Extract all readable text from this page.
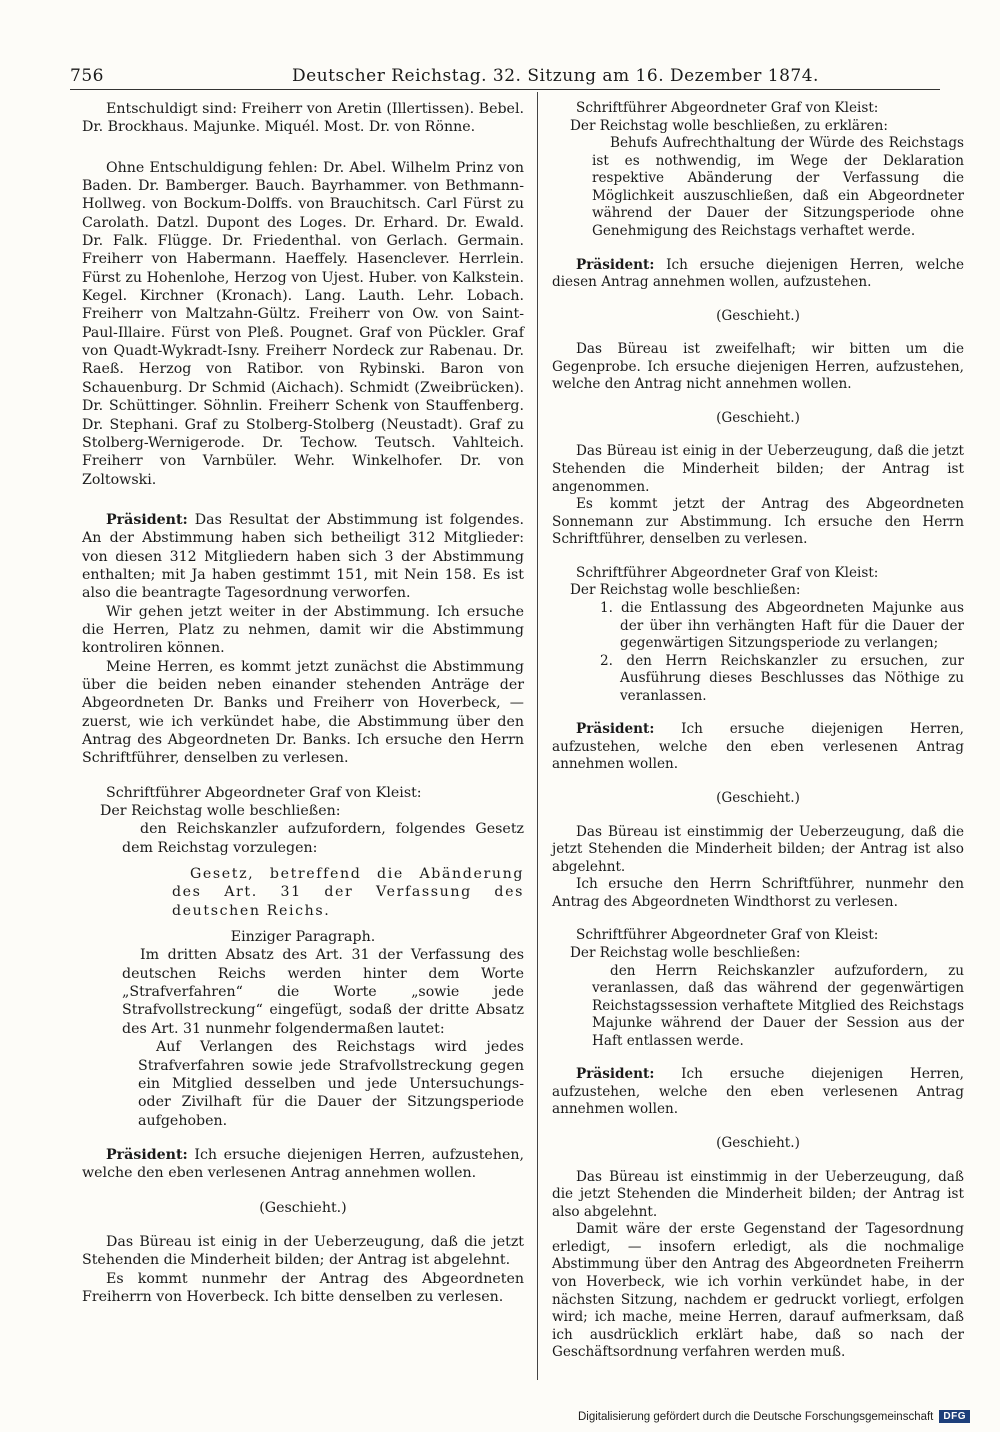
756	Deutscher Reichstag. 32. Sitzung am 16. Dezember 1874.

Entschuldigt sind: Freiherr von Aretin (Illertissen). Bebel. Dr. Brockhaus. Majunke. Miquél. Most. Dr. von Rönne.

Ohne Entschuldigung fehlen: Dr. Abel. Wilhelm Prinz von Baden. Dr. Bamberger. Bauch. Bayrhammer. von Bethmann-Hollweg. von Bockum-Dolffs. von Brauchitsch. Carl Fürst zu Carolath. Datzl. Dupont des Loges. Dr. Erhard. Dr. Ewald. Dr. Falk. Flügge. Dr. Friedenthal. von Gerlach. Germain. Freiherr von Habermann. Haeffely. Hasenclever. Herrlein. Fürst zu Hohenlohe, Herzog von Ujest. Huber. von Kalkstein. Kegel. Kirchner (Kronach). Lang. Lauth. Lehr. Lobach. Freiherr von Maltzahn-Gültz. Freiherr von Ow. von Saint-Paul-Illaire. Fürst von Pleß. Pougnet. Graf von Pückler. Graf von Quadt-Wykradt-Isny. Freiherr Nordeck zur Rabenau. Dr. Raeß. Herzog von Ratibor. von Rybinski. Baron von Schauenburg. Dr Schmid (Aichach). Schmidt (Zweibrücken). Dr. Schüttinger. Söhnlin. Freiherr Schenk von Stauffenberg. Dr. Stephani. Graf zu Stolberg-Stolberg (Neustadt). Graf zu Stolberg-Wernigerode. Dr. Techow. Teutsch. Vahlteich. Freiherr von Varnbüler. Wehr. Winkelhofer. Dr. von Zoltowski.

Präsident: Das Resultat der Abstimmung ist folgendes. An der Abstimmung haben sich betheiligt 312 Mitglieder: von diesen 312 Mitgliedern haben sich 3 der Abstimmung enthalten; mit Ja haben gestimmt 151, mit Nein 158. Es ist also die beantragte Tagesordnung verworfen.

Wir gehen jetzt weiter in der Abstimmung. Ich ersuche die Herren, Platz zu nehmen, damit wir die Abstimmung kontroliren können.

Meine Herren, es kommt jetzt zunächst die Abstimmung über die beiden neben einander stehenden Anträge der Abgeordneten Dr. Banks und Freiherr von Hoverbeck, — zuerst, wie ich verkündet habe, die Abstimmung über den Antrag des Abgeordneten Dr. Banks. Ich ersuche den Herrn Schriftführer, denselben zu verlesen.

Schriftführer Abgeordneter Graf von Kleist:

Der Reichstag wolle beschließen:

den Reichskanzler aufzufordern, folgendes Gesetz dem Reichstag vorzulegen:

Gesetz, betreffend die Abänderung des Art. 31 der Verfassung des deutschen Reichs.

Einziger Paragraph.

Im dritten Absatz des Art. 31 der Verfassung des deutschen Reichs werden hinter dem Worte „Strafverfahren“ die Worte „sowie jede Strafvollstreckung“ eingefügt, sodaß der dritte Absatz des Art. 31 nunmehr folgendermaßen lautet:

Auf Verlangen des Reichstags wird jedes Strafverfahren sowie jede Strafvollstreckung gegen ein Mitglied desselben und jede Untersuchungs- oder Zivilhaft für die Dauer der Sitzungsperiode aufgehoben.

Präsident: Ich ersuche diejenigen Herren, aufzustehen, welche den eben verlesenen Antrag annehmen wollen.

(Geschieht.)

Das Büreau ist einig in der Ueberzeugung, daß die jetzt Stehenden die Minderheit bilden; der Antrag ist abgelehnt.

Es kommt nunmehr der Antrag des Abgeordneten Freiherrn von Hoverbeck. Ich bitte denselben zu verlesen.

Schriftführer Abgeordneter Graf von Kleist:

Der Reichstag wolle beschließen, zu erklären:

Behufs Aufrechthaltung der Würde des Reichstags ist es nothwendig, im Wege der Deklaration respektive Abänderung der Verfassung die Möglichkeit auszuschließen, daß ein Abgeordneter während der Dauer der Sitzungsperiode ohne Genehmigung des Reichstags verhaftet werde.

Präsident: Ich ersuche diejenigen Herren, welche diesen Antrag annehmen wollen, aufzustehen.

(Geschieht.)

Das Büreau ist zweifelhaft; wir bitten um die Gegenprobe. Ich ersuche diejenigen Herren, aufzustehen, welche den Antrag nicht annehmen wollen.

(Geschieht.)

Das Büreau ist einig in der Ueberzeugung, daß die jetzt Stehenden die Minderheit bilden; der Antrag ist angenommen.

Es kommt jetzt der Antrag des Abgeordneten Sonnemann zur Abstimmung. Ich ersuche den Herrn Schriftführer, denselben zu verlesen.

Schriftführer Abgeordneter Graf von Kleist:

Der Reichstag wolle beschließen:

1. die Entlassung des Abgeordneten Majunke aus der über ihn verhängten Haft für die Dauer der gegenwärtigen Sitzungsperiode zu verlangen;

2. den Herrn Reichskanzler zu ersuchen, zur Ausführung dieses Beschlusses das Nöthige zu veranlassen.

Präsident: Ich ersuche diejenigen Herren, aufzustehen, welche den eben verlesenen Antrag annehmen wollen.

(Geschieht.)

Das Büreau ist einstimmig der Ueberzeugung, daß die jetzt Stehenden die Minderheit bilden; der Antrag ist also abgelehnt.

Ich ersuche den Herrn Schriftführer, nunmehr den Antrag des Abgeordneten Windthorst zu verlesen.

Schriftführer Abgeordneter Graf von Kleist:

Der Reichstag wolle beschließen:

den Herrn Reichskanzler aufzufordern, zu veranlassen, daß das während der gegenwärtigen Reichstagssession verhaftete Mitglied des Reichstags Majunke während der Dauer der Session aus der Haft entlassen werde.

Präsident: Ich ersuche diejenigen Herren, aufzustehen, welche den eben verlesenen Antrag annehmen wollen.

(Geschieht.)

Das Büreau ist einstimmig in der Ueberzeugung, daß die jetzt Stehenden die Minderheit bilden; der Antrag ist also abgelehnt.

Damit wäre der erste Gegenstand der Tagesordnung erledigt, — insofern erledigt, als die nochmalige Abstimmung über den Antrag des Abgeordneten Freiherrn von Hoverbeck, wie ich vorhin verkündet habe, in der nächsten Sitzung, nachdem er gedruckt vorliegt, erfolgen wird; ich mache, meine Herren, darauf aufmerksam, daß ich ausdrücklich erklärt habe, daß so nach der Geschäftsordnung verfahren werden muß.

Digitalisierung gefördert durch die Deutsche Forschungsgemeinschaft	DFG
